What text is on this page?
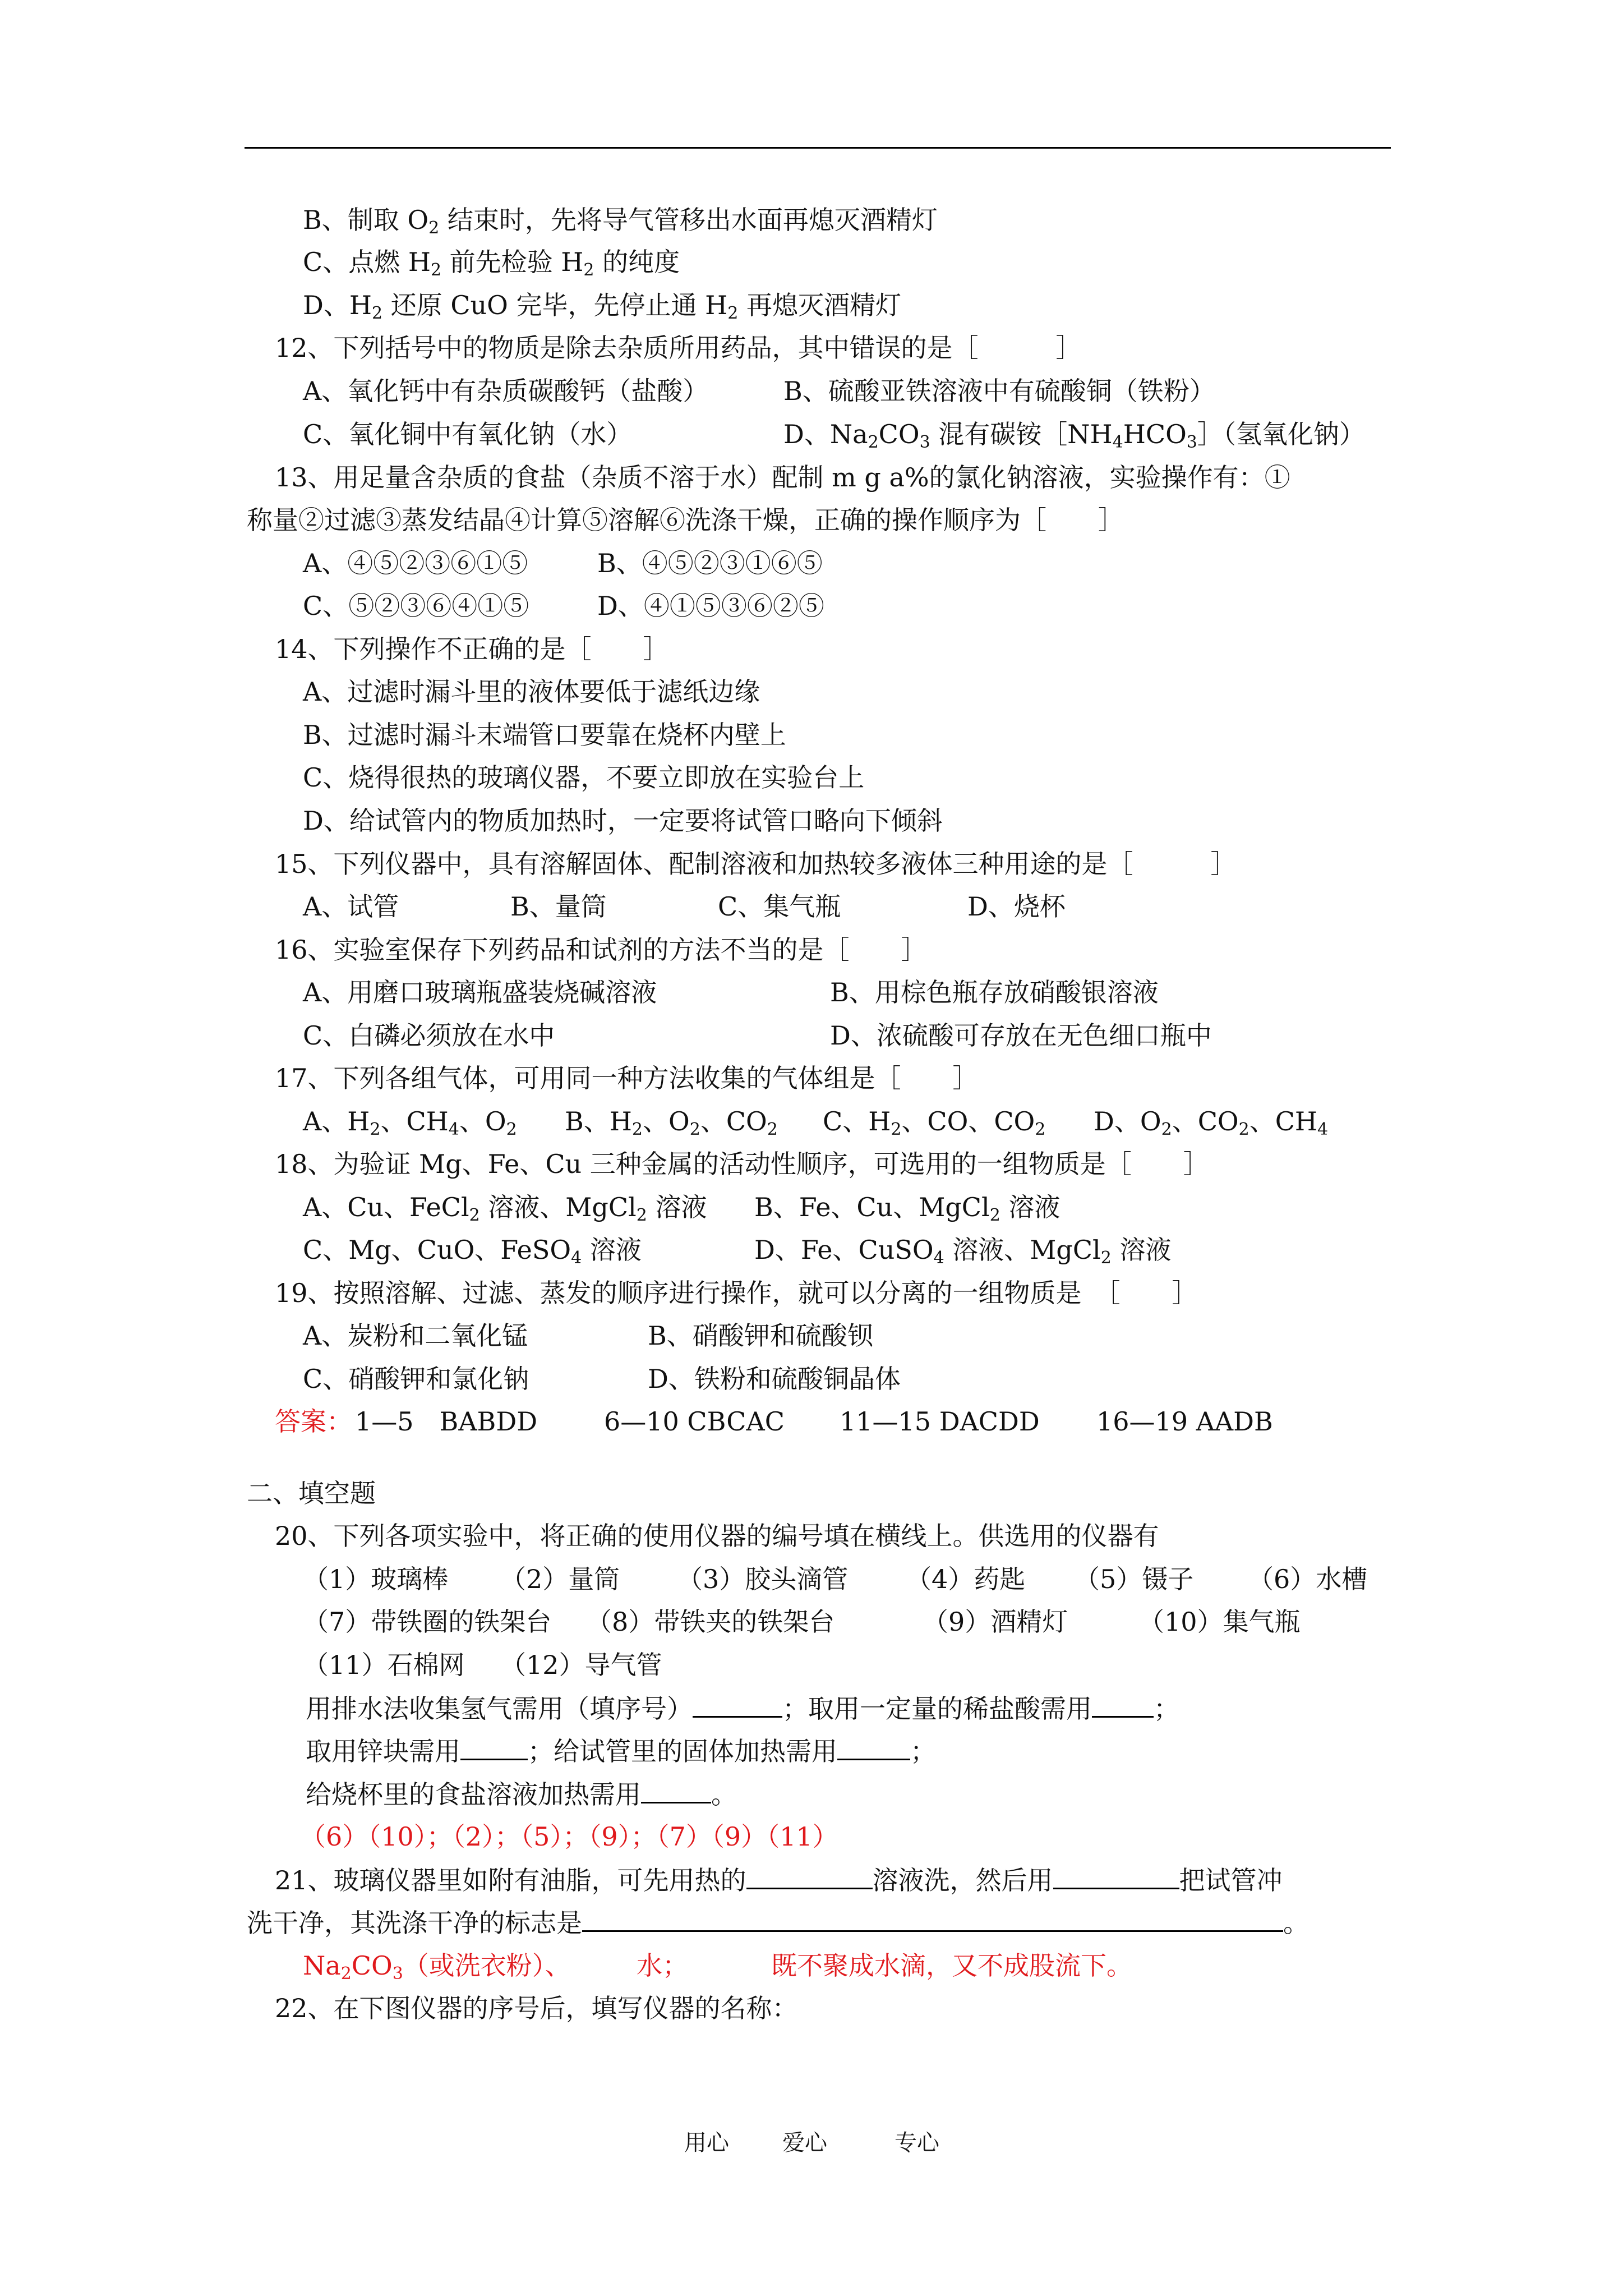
B、制取 $O_2$ 结束时，先将导气管移出水面再熄灭酒精灯
C、点燃 $H_2$ 前先检验 $H_2$ 的纯度
D、$H_2$ 还原 CuO 完毕，先停止通 $H_2$ 再熄灭酒精灯
12、下列括号中的物质是除去杂质所用药品，其中错误的是［　　　］
A、氧化钙中有杂质碳酸钙（盐酸）	B、硫酸亚铁溶液中有硫酸铜（铁粉）
C、氧化铜中有氧化钠（水）	D、$Na_2CO_3$ 混有碳铵$[NH_4HCO_3]$（氢氧化钠）
13、用足量含杂质的食盐（杂质不溶于水）配制 m g a%的氯化钠溶液，实验操作有：①
称量②过滤③蒸发结晶④计算⑤溶解⑥洗涤干燥，正确的操作顺序为［　　］
A、④⑤②③⑥①⑤	B、④⑤②③①⑥⑤
C、⑤②③⑥④①⑤	D、④①⑤③⑥②⑤
14、下列操作不正确的是［　　］
A、过滤时漏斗里的液体要低于滤纸边缘
B、过滤时漏斗末端管口要靠在烧杯内壁上
C、烧得很热的玻璃仪器，不要立即放在实验台上
D、给试管内的物质加热时，一定要将试管口略向下倾斜
15、下列仪器中，具有溶解固体、配制溶液和加热较多液体三种用途的是［　　　］
A、试管	B、量筒	C、集气瓶	D、烧杯
16、实验室保存下列药品和试剂的方法不当的是［　　］
A、用磨口玻璃瓶盛装烧碱溶液	B、用棕色瓶存放硝酸银溶液
C、白磷必须放在水中	D、浓硫酸可存放在无色细口瓶中
17、下列各组气体，可用同一种方法收集的气体组是［　　］
A、$H_2$、$CH_4$、$O_2$ B、$H_2$、$O_2$、$CO_2$ C、$H_2$、CO、$CO_2$ D、$O_2$、$CO_2$、$CH_4$
18、为验证 Mg、Fe、Cu 三种金属的活动性顺序，可选用的一组物质是［　　］
A、Cu、FeCl$_2$ 溶液、MgCl$_2$ 溶液 B、Fe、Cu、MgCl$_2$ 溶液
C、Mg、CuO、FeSO$_4$ 溶液	D、Fe、CuSO$_4$ 溶液、MgCl$_2$ 溶液
19、按照溶解、过滤、蒸发的顺序进行操作，就可以分离的一组物质是　［　　］
A、炭粉和二氧化锰	B、硝酸钾和硫酸钡
C、硝酸钾和氯化钠	D、铁粉和硫酸铜晶体
答案： 1—5　BABDD	6—10 CBCAC 11—15 DACDD 16—19 AADB
二、填空题
20、下列各项实验中，将正确的使用仪器的编号填在横线上。供选用的仪器有
（1）玻璃棒 （2）量筒 （3）胶头滴管 （4）药匙 （5）镊子 （6）水槽
（7）带铁圈的铁架台 （8）带铁夹的铁架台	（9）酒精灯	（10）集气瓶
（11）石棉网 （12）导气管
用排水法收集氢气需用（填序号）	；取用一定量的稀盐酸需用 ；
取用锌块需用	；给试管里的固体加热需用	；
给烧杯里的食盐溶液加热需用	。
（6）（10）；（2）；（5）；（9）；（7）（9）（11）
21、玻璃仪器里如附有油脂，可先用热的	溶液洗，然后用	把试管冲
洗干净，其洗涤干净的标志是	。
$Na_2CO_3$（或洗衣粉）、	水；	既不聚成水滴，又不成股流下。
22、在下图仪器的序号后，填写仪器的名称：
用心 爱心	专心
